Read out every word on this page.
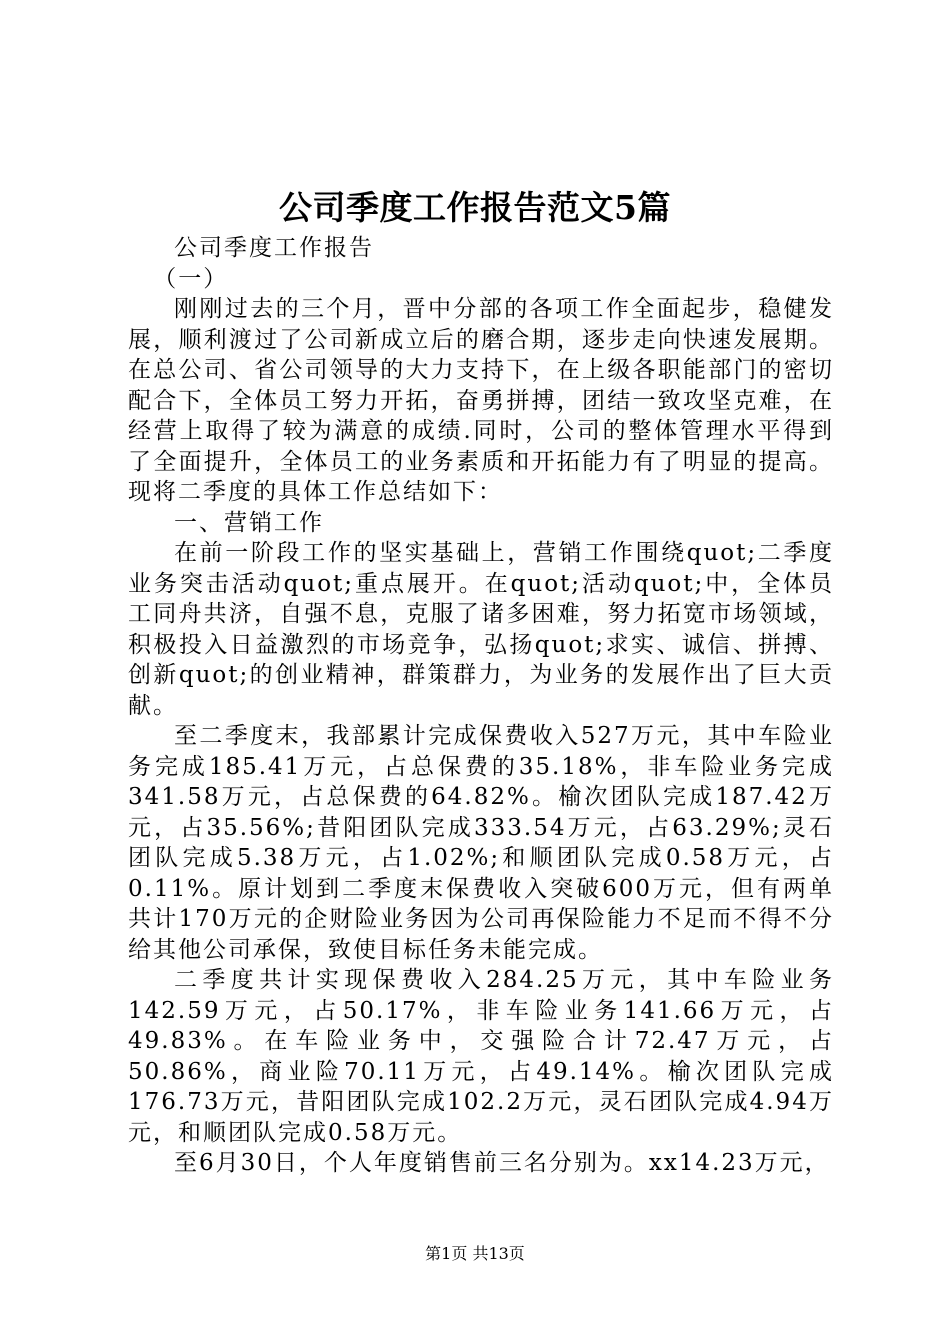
公司季度工作报告范文5篇

公司季度工作报告

（一）

刚刚过去的三个月，晋中分部的各项工作全面起步，稳健发展，顺利渡过了公司新成立后的磨合期，逐步走向快速发展期。在总公司、省公司领导的大力支持下，在上级各职能部门的密切配合下，全体员工努力开拓，奋勇拼搏，团结一致攻坚克难，在经营上取得了较为满意的成绩.同时，公司的整体管理水平得到了全面提升，全体员工的业务素质和开拓能力有了明显的提高。现将二季度的具体工作总结如下：

一、营销工作

在前一阶段工作的坚实基础上，营销工作围绕quot;二季度业务突击活动quot;重点展开。在quot;活动quot;中，全体员工同舟共济，自强不息，克服了诸多困难，努力拓宽市场领域，积极投入日益激烈的市场竞争，弘扬quot;求实、诚信、拼搏、创新quot;的创业精神，群策群力，为业务的发展作出了巨大贡献。

至二季度末，我部累计完成保费收入527万元，其中车险业务完成185.41万元，占总保费的35.18%，非车险业务完成341.58万元，占总保费的64.82%。榆次团队完成187.42万元，占35.56%;昔阳团队完成333.54万元，占63.29%;灵石团队完成5.38万元，占1.02%;和顺团队完成0.58万元，占0.11%。原计划到二季度末保费收入突破600万元，但有两单共计170万元的企财险业务因为公司再保险能力不足而不得不分给其他公司承保，致使目标任务未能完成。

二季度共计实现保费收入284.25万元，其中车险业务142.59万元，占50.17%，非车险业务141.66万元，占49.83%。在车险业务中，交强险合计72.47万元，占50.86%，商业险70.11万元，占49.14%。榆次团队完成176.73万元，昔阳团队完成102.2万元，灵石团队完成4.94万元，和顺团队完成0.58万元。

至6月30日，个人年度销售前三名分别为。xx14.23万元，

第1页 共13页
